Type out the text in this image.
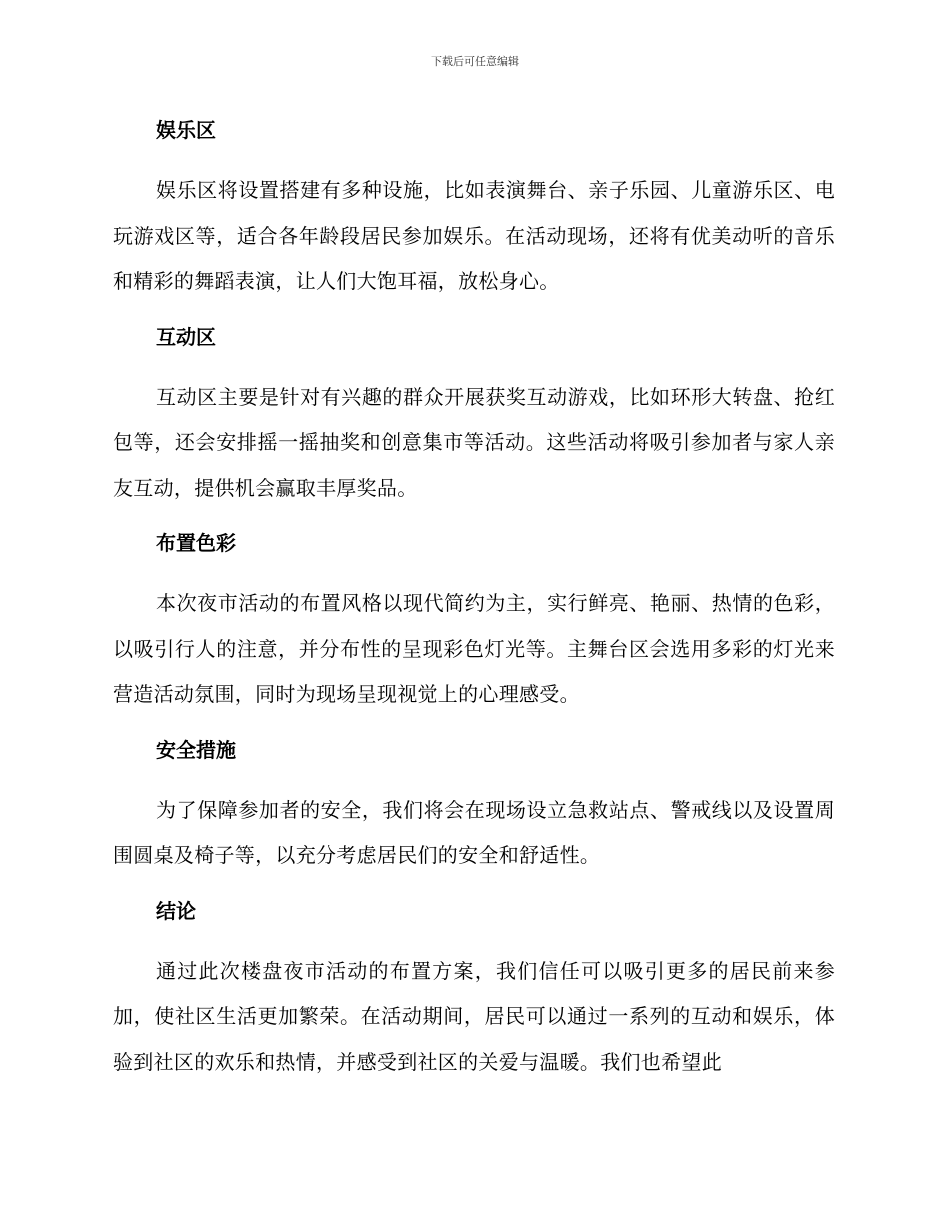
下载后可任意编辑
娱乐区

娱乐区将设置搭建有多种设施，比如表演舞台、亲子乐园、儿童游乐区、电玩游戏区等，适合各年龄段居民参加娱乐。在活动现场，还将有优美动听的音乐和精彩的舞蹈表演，让人们大饱耳福，放松身心。

互动区

互动区主要是针对有兴趣的群众开展获奖互动游戏，比如环形大转盘、抢红包等，还会安排摇一摇抽奖和创意集市等活动。这些活动将吸引参加者与家人亲友互动，提供机会赢取丰厚奖品。

布置色彩

本次夜市活动的布置风格以现代简约为主，实行鲜亮、艳丽、热情的色彩，以吸引行人的注意，并分布性的呈现彩色灯光等。主舞台区会选用多彩的灯光来营造活动氛围，同时为现场呈现视觉上的心理感受。

安全措施

为了保障参加者的安全，我们将会在现场设立急救站点、警戒线以及设置周围圆桌及椅子等，以充分考虑居民们的安全和舒适性。

结论

通过此次楼盘夜市活动的布置方案，我们信任可以吸引更多的居民前来参加，使社区生活更加繁荣。在活动期间，居民可以通过一系列的互动和娱乐，体验到社区的欢乐和热情，并感受到社区的关爱与温暖。我们也希望此
